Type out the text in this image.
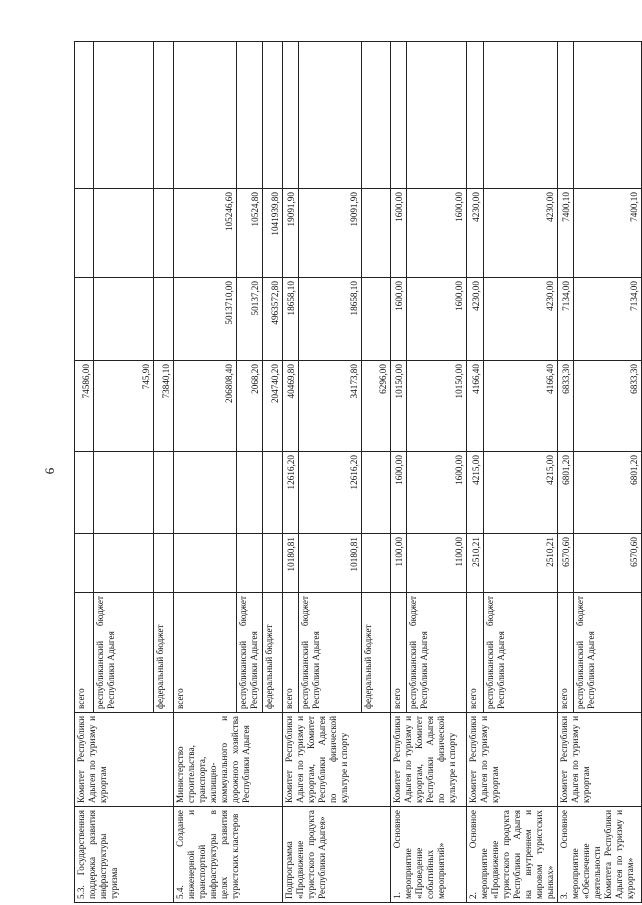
6
5.3. Государственная поддержка развития инфраструктуры туризма	Комитет Республики Адыгея по туризму и курортам	всего			74586,00			
		республиканский бюджет Республики Адыгея			745,90			
		федеральный бюджет			73840,10			
5.4. Создание инженерной и транспортной инфраструктуры в целях развития туристских кластеров	Министерство строительства, транспорта, жилищно-коммунального и дорожного хозяйства Республики Адыгея	всего			206808,40	5013710,00	105246,60	
		республиканский бюджет Республики Адыгея			2068,20	50137,20	10524,80	
		федеральный бюджет			204740,20	4963572,80	1041939,80	
Подпрограмма «Продвижение туристского продукта Республики Адыгея»	Комитет Республики Адыгея по туризму и курортам, Комитет Республики Адыгея по физической культуре и спорту	всего	10180,81	12616,20	40469,80	18658,10	19091,90	
		республиканский бюджет Республики Адыгея	10180,81	12616,20	34173,80	18658,10	19091,90	
		федеральный бюджет			6296,00			
1. Основное мероприятие «Проведение событийных мероприятий»	Комитет Республики Адыгея по туризму и курортам, Комитет Республики Адыгея по физической культуре и спорту	всего	1100,00	1600,00	10150,00	1600,00	1600,00	
		республиканский бюджет Республики Адыгея	1100,00	1600,00	10150,00	1600,00	1600,00	
2. Основное мероприятие «Продвижение туристского продукта Республики Адыгея на внутреннем и мировом туристских рынках»	Комитет Республики Адыгея по туризму и курортам	всего	2510,21	4215,00	4166,40	4230,00	4230,00	
		республиканский бюджет Республики Адыгея	2510,21	4215,00	4166,40	4230,00	4230,00	
3. Основное мероприятие «Обеспечение деятельности Комитета Республики Адыгея по туризму и курортам»	Комитет Республики Адыгея по туризму и курортам	всего	6570,60	6801,20	6833,30	7134,00	7400,10	
		республиканский бюджет Республики Адыгея	6570,60	6801,20	6833,30	7134,00	7400,10	
